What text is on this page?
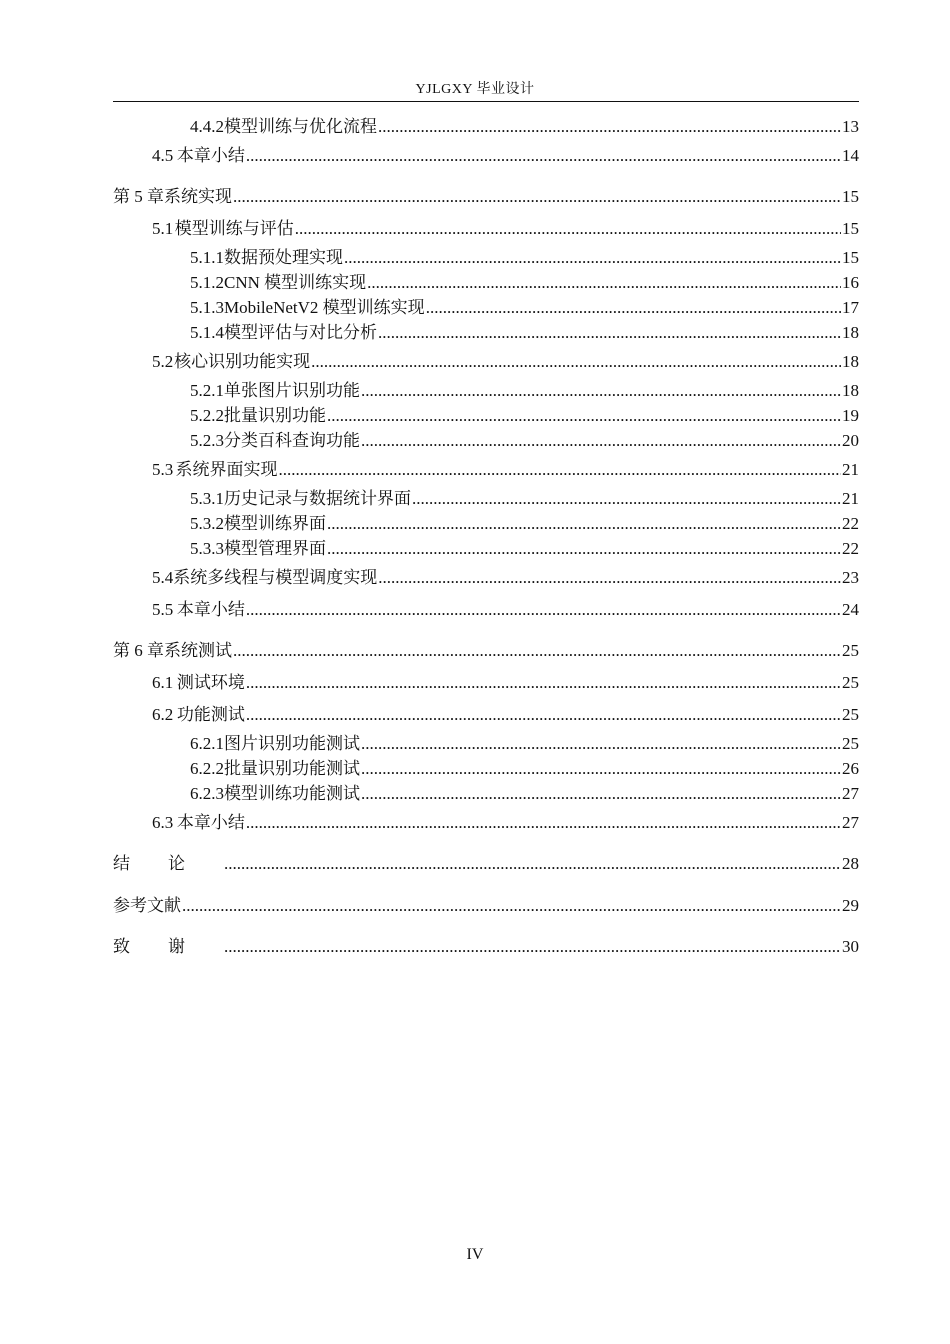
YJLGXY 毕业设计
4.4.2 模型训练与优化流程 .....	13
4.5 本章小结 .....	14
第 5 章 系统实现 .....	15
5.1 模型训练与评估 .....	15
5.1.1 数据预处理实现 .....	15
5.1.2 CNN 模型训练实现 .....	16
5.1.3 MobileNetV2 模型训练实现 .....	17
5.1.4 模型评估与对比分析 .....	18
5.2 核心识别功能实现 .....	18
5.2.1 单张图片识别功能 .....	18
5.2.2 批量识别功能 .....	19
5.2.3 分类百科查询功能 .....	20
5.3 系统界面实现 .....	21
5.3.1 历史记录与数据统计界面 .....	21
5.3.2 模型训练界面 .....	22
5.3.3 模型管理界面 .....	22
5.4 系统多线程与模型调度实现 .....	23
5.5 本章小结 .....	24
第 6 章 系统测试 .....	25
6.1 测试环境 .....	25
6.2 功能测试 .....	25
6.2.1 图片识别功能测试 .....	25
6.2.2 批量识别功能测试 .....	26
6.2.3 模型训练功能测试 .....	27
6.3 本章小结 .....	27
结论 .....	28
参考文献 .....	29
致谢 .....	30
IV
